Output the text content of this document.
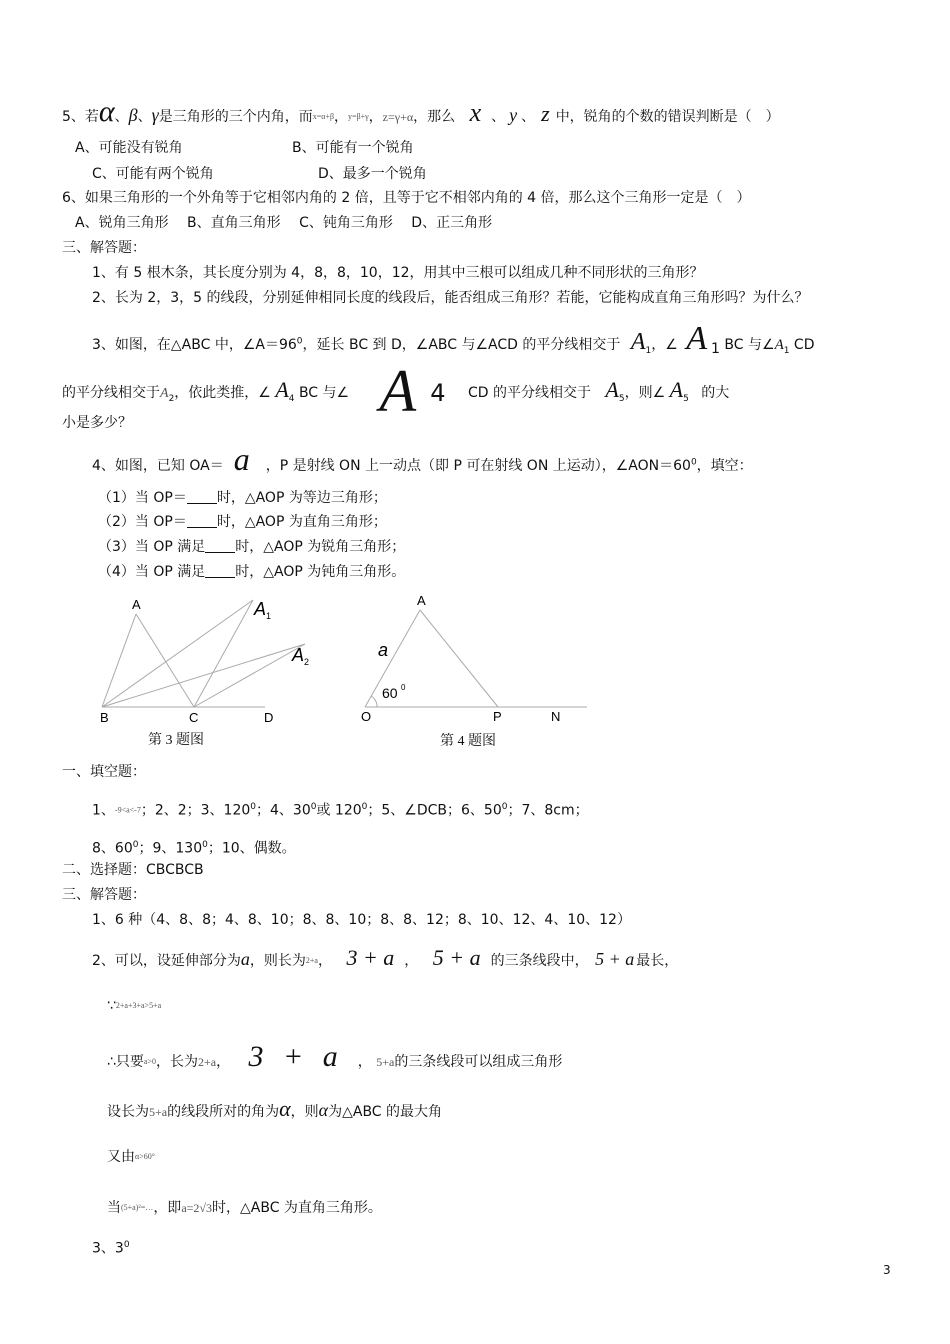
5、若α、β、γ是三角形的三个内角，而x=α+β，y=β+γ，z=γ+α，那么 x 、 y 、 z 中，锐角的个数的错误判断是（　）
A、可能没有锐角	B、可能有一个锐角
C、可能有两个锐角	D、最多一个锐角
6、如果三角形的一个外角等于它相邻内角的 2 倍，且等于它不相邻内角的 4 倍，那么这个三角形一定是（　）
A、锐角三角形　 B、直角三角形　 C、钝角三角形　 D、正三角形
三、解答题：
1、有 5 根木条，其长度分别为 4，8，8，10，12，用其中三根可以组成几种不同形状的三角形？
2、长为 2，3，5 的线段，分别延伸相同长度的线段后，能否组成三角形？若能，它能构成直角三角形吗？为什么？
3、如图，在△ABC 中，$\angle A=96^0$，延长 BC 到 D，∠ABC 与∠ACD 的平分线相交于 $A_1$，∠ A $_1$ BC 与$\angle A_1$ CD
的平分线相交于$A_2$，依此类推，∠ $A_4$ BC 与∠ A $_4$ CD 的平分线相交于 $A_5$，则∠ $A_5$ 的大
小是多少？
4、如图，已知 OA＝ a ，P 是射线 ON 上一动点（即 P 可在射线 ON 上运动），$\angle AON=60^0$，填空：
（1）当 OP＝ 时，△AOP 为等边三角形；
（2）当 OP＝ 时，△AOP 为直角三角形；
（3）当 OP 满足 时，△AOP 为锐角三角形；
（4）当 OP 满足 时，△AOP 为钝角三角形。
A	A 1
A 2
B	C	D
第 3 题图
A
a
60 0
O	P	N
第 4 题图
一、填空题：
1、-9<a<-7；2、2；3、$120^0$；4、$30^0$或 $120^0$；5、∠DCB；6、$50^0$；7、8cm；
8、$60^0$；9、$130^0$；10、偶数。
二、选择题：CBCBCB
三、解答题：
1、6 种（4、8、8；4、8、10；8、8、10；8、8、12；8、10、12、4、10、12）
2、可以，设延伸部分为a，则长为2+a， 3 + a ， 5 + a 的三条线段中， 5 + a 最长，
∵2+a+3+a>5+a
∴只要a>0，长为2+a， 3 + a ， 5+a的三条线段可以组成三角形
设长为5+a的线段所对的角为α，则α为△ABC 的最大角
又由α>60°
当(5+a)²=…，即a=2√3时，△ABC 为直角三角形。
3、$3^0$
3
